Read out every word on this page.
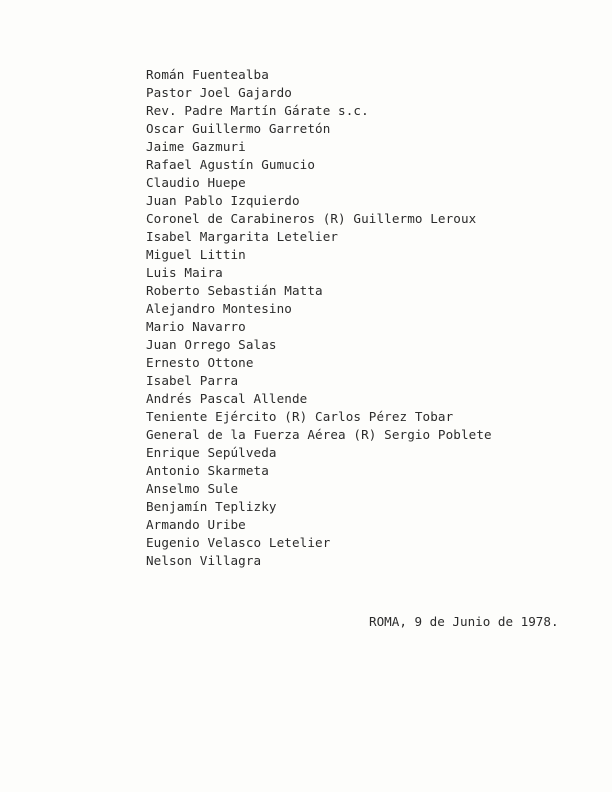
Román Fuentealba
Pastor Joel Gajardo
Rev. Padre Martín Gárate s.c.
Oscar Guillermo Garretón
Jaime Gazmuri
Rafael Agustín Gumucio
Claudio Huepe
Juan Pablo Izquierdo
Coronel de Carabineros (R) Guillermo Leroux
Isabel Margarita Letelier
Miguel Littin
Luis Maira
Roberto Sebastián Matta
Alejandro Montesino
Mario Navarro
Juan Orrego Salas
Ernesto Ottone
Isabel Parra
Andrés Pascal Allende
Teniente Ejército (R) Carlos Pérez Tobar
General de la Fuerza Aérea (R) Sergio Poblete
Enrique Sepúlveda
Antonio Skarmeta
Anselmo Sule
Benjamín Teplizky
Armando Uribe
Eugenio Velasco Letelier
Nelson Villagra
ROMA, 9 de Junio de 1978.
